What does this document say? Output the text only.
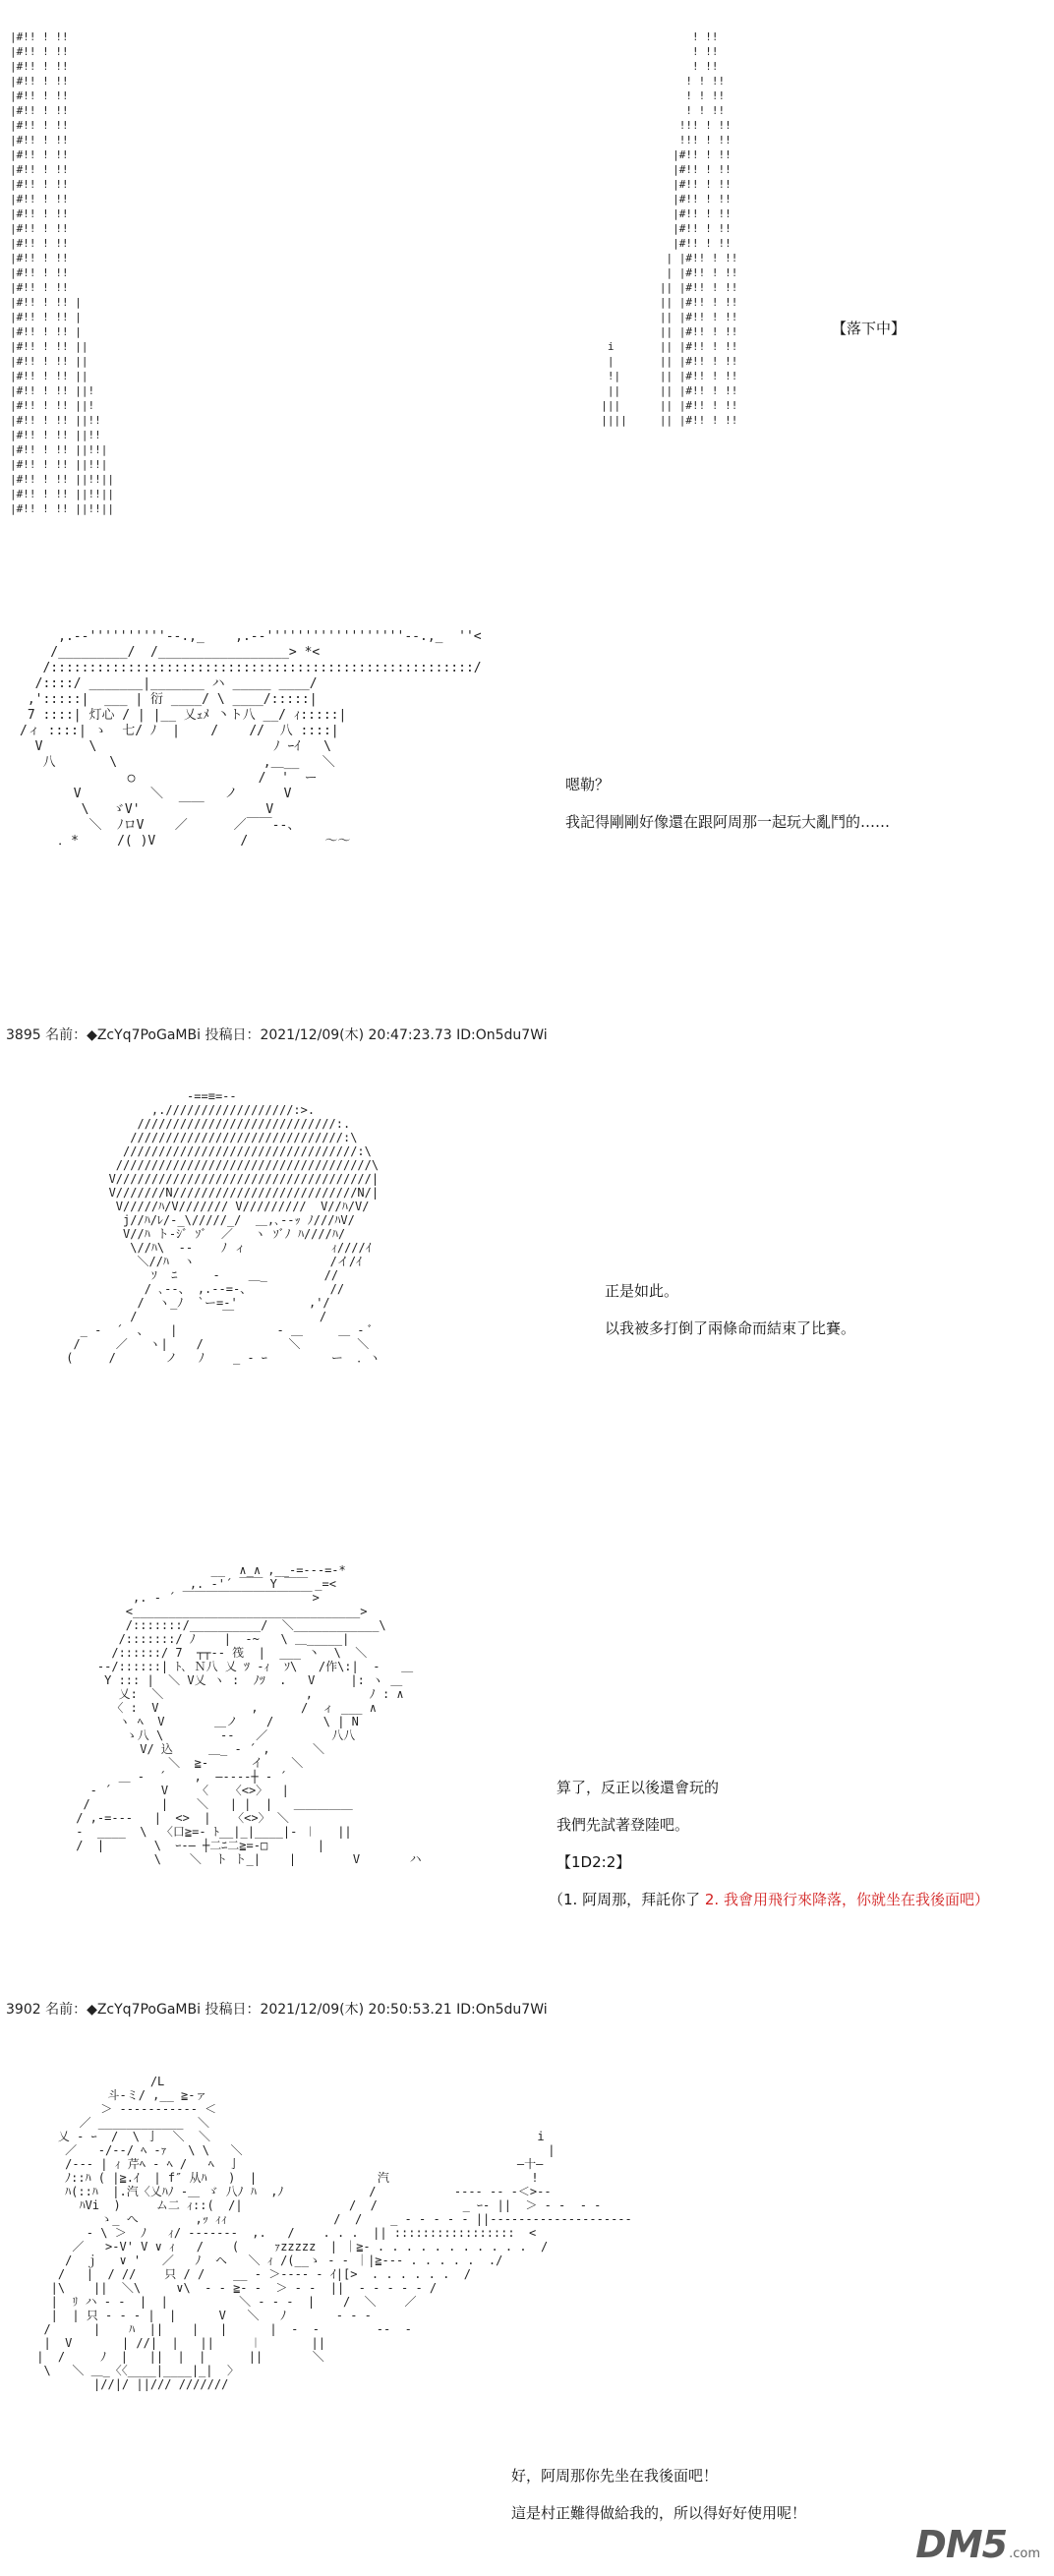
|#!! ! !!
|#!! ! !!
|#!! ! !!
|#!! ! !!
|#!! ! !!
|#!! ! !!
|#!! ! !!
|#!! ! !!
|#!! ! !!
|#!! ! !!
|#!! ! !!
|#!! ! !!
|#!! ! !!
|#!! ! !!
|#!! ! !!
|#!! ! !!
|#!! ! !!
|#!! ! !!
|#!! ! !! |
|#!! ! !! |
|#!! ! !! |
|#!! ! !! ||
|#!! ! !! ||
|#!! ! !! ||
|#!! ! !! ||!
|#!! ! !! ||!
|#!! ! !! ||!!
|#!! ! !! ||!!
|#!! ! !! ||!!|
|#!! ! !! ||!!|
|#!! ! !! ||!!||
|#!! ! !! ||!!||
|#!! ! !! ||!!||
! !!
! !!
! !!
! ! !!
! ! !!
! ! !!
!!! ! !!
!!! ! !!
|#!! ! !!
|#!! ! !!
|#!! ! !!
|#!! ! !!
|#!! ! !!
|#!! ! !!
|#!! ! !!
| |#!! ! !!
| |#!! ! !!
|| |#!! ! !!
|| |#!! ! !!
|| |#!! ! !!
|| |#!! ! !!
i       || |#!! ! !!
|       || |#!! ! !!
!|      || |#!! ! !!
||      || |#!! ! !!
|||      || |#!! ! !!
||||     || |#!! ! !!
【落下中】
,.-‐''''''''''‐-.,_    ,.-‐''''''''''''''''''‐-.,_  ''<
/_________/  /_________________> *<
/:::::::::::::::::::::::::::::::::::::::::::::::::::::::/
/::::/ _______|_______ ハ _____ ____/
,':::::|  ___ | 衍 ____/ \ ____/:::::|
7 ::::| 灯心 / | |__ 乂ｪﾒ 丶ト八 __/ ｨ:::::|
/ィ ::::| ゝ  七/ ﾉ  |    /    //  八 ::::|
V      \                       ﾉ ｰｲ   \
八       \                   ,＿__   ＼
○                /  '  ー
V         ＼        ノ      V
\   ゞV'     ￣￣        V
＼  ﾉロV    ／      ／￣￣‐-、
．*     /( )V           /          ～～
嗯勒？
我記得剛剛好像還在跟阿周那一起玩大亂鬥的……
3895 名前：◆ZcYq7PoGaMBi 投稿日：2021/12/09(木) 20:47:23.73 ID:On5du7Wi
-==≡=--
,.//////////////////:>.
////////////////////////////:.
//////////////////////////////:\
/////////////////////////////////:\
////////////////////////////////////\
V////////////////////////////////////|
V///////N//////////////////////////N/|
V/////ﾊ/V/////// V/////////  V//ﾊ/V/
j//ﾊ/ﾚ/-_\/////_/  ＿,､--ｯ ﾉ///ﾊV/
V//ﾊ ト-ｼﾞ ｿﾞ  ／   ヽ ｿﾞﾉ ﾊ////ﾊ/
\//ﾊ\  ‐-    ﾉ ィ            ｨ////ｲ
＼//ﾊ  ヽ                   /イ/ｲ
ｿ  ﾆ     -    ＿_        //
/ ､‐-、 ,.-‐=-、           //
/  ヽ_ﾉ  `ー=‐'          ,'/
/            ￣            /
_ ‐  ´  、   |              ‐ ＿     ＿ ‐ ﾞ
/     ／   ヽ|    /            ＼        ＼
(     /       ノ   ﾉ    _ ‐ ｰ         ー  ．ヽ
正是如此。
以我被多打倒了兩條命而結束了比賽。
__  ∧_∧ ,__-=‐‐‐=-*
,. ‐'´ ￣￣ Y ￣￣ _=<
,. ‐ ´ ￣￣￣￣￣￣￣￣￣￣￣>
<________________________________>
/:::::::/__________/  ＼____________\
/:::::::/ ﾉ    |  -~   \ ＿_____|
/::::::/ 7  ┬┬-‐ 筏  |  ___ 丶  \  ＼
‐-/::::::| ﾄ､ Ｎ八 乂 ﾂ ‐ｨ  ｿ\   /作\:|  -   ＿
Y ::: |  ＼ V乂 ヽ :  ﾉﾂ  .   V     |: ヽ ＿
乂:  ＼                    ,        ﾉ : ∧
〈 :  V             ,      /  ィ ___ ∧
ヽ ﾍ  V       ＿ノ    /       \ | N
ゝ八 \        --   ／         八八
V/ 込     ＿_ ‐ ´ ,      ＼
＼  ≧‐      イ    ＼
＿ ‐  ´    ,  ―‐‐‐‐┼ ‐ ´
‐ ´       V    〈   〈<>〉  |
/          |    ＼   | |  |   ＿＿＿＿＿
/ ,‐=-‐-   |  <>  |   〈<>〉 ＼
‐  ____  \  〈口≧=- ﾄ__|_|____|‐ ︱   ||
/  |       \  ｰ‐― ┼二ﾆ二≧=‐□       |
\    ＼  ト ト_|    |        V       ハ
算了，反正以後還會玩的
我們先試著登陸吧。
【1D2:2】
（1. 阿周那，拜託你了 2. 我會用飛行來降落，你就坐在我後面吧）
3902 名前：◆ZcYq7PoGaMBi 投稿日：2021/12/09(木) 20:50:53.21 ID:On5du7Wi
/L
斗‐ミ/ ,__ ≧‐ァ
＞ ‐‐‐‐‐‐‐‐‐‐‐ ＜
／ ____________  ＼
乂 ‐ ｰ  /  \ 亅  ＼  ＼                                              i
／   ‐/‐‐/ ﾍ ‐ｧ   \ \   ＼                                           |
/‐‐‐ | ｨ 芹ﾍ ‐ ﾍ /   ﾍ  亅                                       ―十―
ﾉ::ﾊ ( |≧.ｲ  | f″ 从ﾊ   )  |                 汽                    !
ﾊ(::ﾊ  |.汽〈乂ﾊﾉ ‐＿ ゞ 八ﾉ ﾊ  ,ﾉ            /           ‐‐‐‐ ‐‐ ‐＜>‐‐
ﾊVi  )     ム二 ｨ::(  /|               /  /            _ ｰ‐ ||  ＞ ‐ ‐  ‐ ‐
ゝ_ へ        ,ｯ ｨｨ               /  /    _ ‐ ‐ ‐ ‐ ‐ ||‐‐‐‐‐‐‐‐‐‐‐‐‐‐‐‐‐‐‐‐
‐ \ ＞  ﾉ   ｨ/ ‐‐‐‐‐‐‐  ,.   /    . . .  || :::::::::::::::::  <
／   >‐V' V ∨ ｨ   /    (     ｧzzzzz  | ｜≧‐ . . . . . . . . . . .  /
/  ｊ   ∨ '   ／   ﾉ  ヘ   ＼ ｨ /(__ゝ ‐ ‐ ｜|≧‐‐‐ . . . . .  ./
/   |  / //    只 / /    __ ‐ ＞‐‐‐‐ ‐ ｲ|[>  . . . . . .  /
|\    ||  ＼\     ∨\  ‐ ‐ ≧‐ ‐  ＞ ‐ ‐  ||  ‐ ‐ ‐ ‐ ‐ /
|  ﾘ ハ ‐ ‐  |  |          ＼ ‐ ‐ ‐  |    /  ＼    ／
|  | 只 ‐ ‐ ‐ |  |      V   ＼   ﾉ       ‐ ‐ ‐
/      |    ﾊ  ||    |   |      |  ‐  ‐        ‐‐  ‐
|  V       | //|  |   ||     ︱       ||
|  /     ﾉ  |   ||  |  |      ||       ＼
\   ＼ ＿_〈〈____|____|_|  〉
|//|/ ||/// ///////
好，阿周那你先坐在我後面吧！
這是村正難得做給我的，所以得好好使用呢！
DM5 .com
